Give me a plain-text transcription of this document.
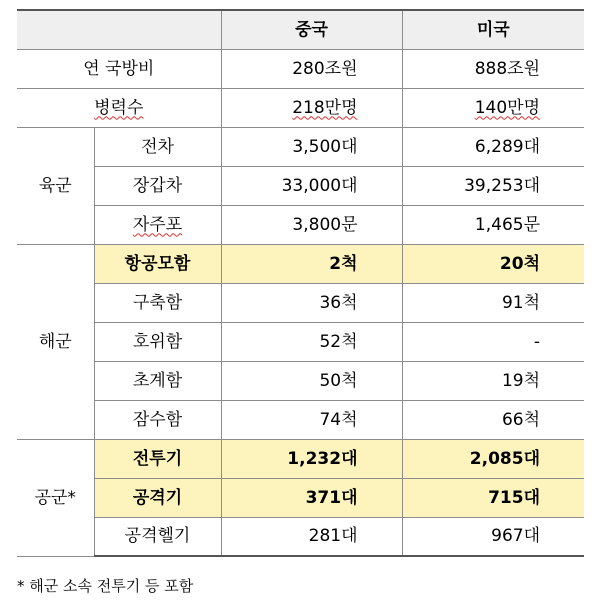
		중국	미국
연 국방비		280조원	888조원
병력수		218만명	140만명
육군	전차	3,500대	6,289대
	장갑차	33,000대	39,253대
	자주포	3,800문	1,465문
해군	항공모함	2척	20척
	구축함	36척	91척
	호위함	52척	-
	초계함	50척	19척
	잠수함	74척	66척
공군*	전투기	1,232대	2,085대
	공격기	371대	715대
	공격헬기	281대	967대
* 해군 소속 전투기 등 포함
